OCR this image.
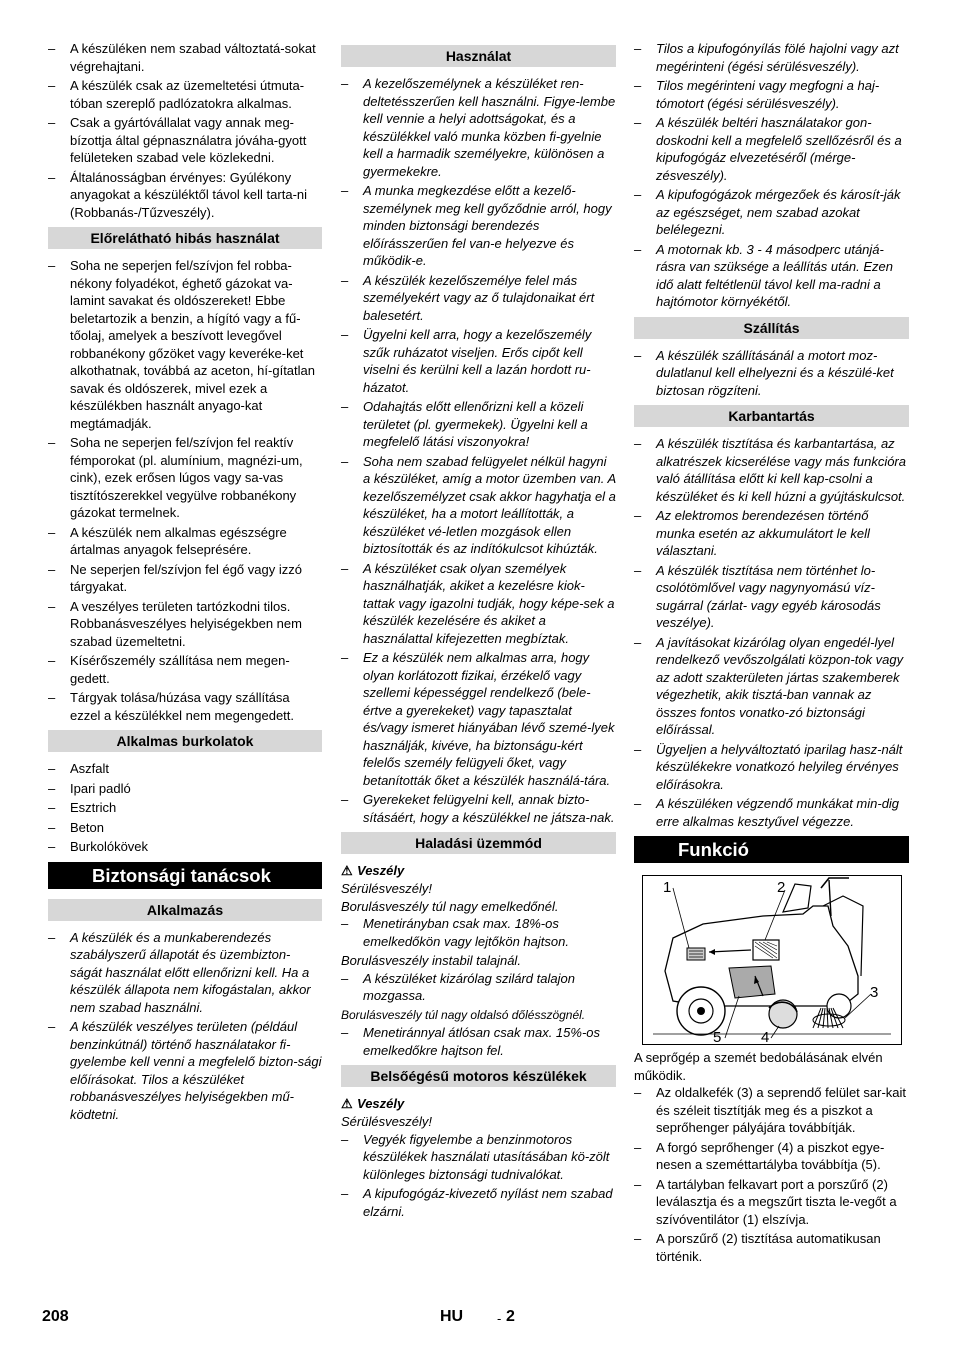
– A készüléken nem szabad változtatá-sokat végrehajtani.
– A készülék csak az üzemeltetési útmuta-tóban szereplő padlózatokra alkalmas.
– Csak a gyártóvállalat vagy annak meg-bízottja által gépnasználatra jóváha-gyott felületeken szabad vele közlekedni.
– Általánosságban érvényes: Gyúlékony anyagokat a készüléktől távol kell tarta-ni (Robbanás-/Tűzveszély).
Előrelátható hibás használat
– Soha ne seperjen fel/szívjon fel robba-nékony folyadékot, éghető gázokat va-lamint savakat és oldószereket! Ebbe beletartozik a benzin, a hígító vagy a fű-tőolaj, amelyek a beszívott levegővel robbanékony gőzöket vagy keveréke-ket alkothatnak, továbbá az aceton, hí-gítatlan savak és oldószerek, mivel ezek a készülékben használt anyago-kat megtámadják.
– Soha ne seperjen fel/szívjon fel reaktív fémporokat (pl. alumínium, magnézi-um, cink), ezek erősen lúgos vagy sa-vas tisztítószerekkel vegyülve robbanékony gázokat termelnek.
– A készülék nem alkalmas egészségre ártalmas anyagok felseprésére.
– Ne seperjen fel/szívjon fel égő vagy izzó tárgyakat.
– A veszélyes területen tartózkodni tilos. Robbanásveszélyes helyiségekben nem szabad üzemeltetni.
– Kísérőszemély szállítása nem megen-gedett.
– Tárgyak tolása/húzása vagy szállítása ezzel a készülékkel nem megengedett.
Alkalmas burkolatok
– Aszfalt
– Ipari padló
– Esztrich
– Beton
– Burkolókövek
Biztonsági tanácsok
Alkalmazás
– A készülék és a munkaberendezés szabályszerű állapotát és üzembizton-ságát használat előtt ellenőrizni kell. Ha a készülék állapota nem kifogástalan, akkor nem szabad használni.
– A készülék veszélyes területen (például benzinkútnál) történő használatakor fi-gyelembe kell venni a megfelelő bizton-sági előírásokat. Tilos a készüléket robbanásveszélyes helyiségekben mű-ködtetni.
Használat
– A kezelőszemélynek a készüléket ren-deltetésszerűen kell használni. Figye-lembe kell vennie a helyi adottságokat, és a készülékkel való munka közben fi-gyelnie kell a harmadik személyekre, különösen a gyermekekre.
– A munka megkezdése előtt a kezelő-személynek meg kell győződnie arról, hogy minden biztonsági berendezés előírásszerűen fel van-e helyezve és működik-e.
– A készülék kezelőszemélye felel más személyekért vagy az ő tulajdonaikat ért balesetért.
– Ügyelni kell arra, hogy a kezelőszemély szűk ruházatot viseljen. Erős cipőt kell viselni és kerülni kell a lazán hordott ru-házatot.
– Odahajtás előtt ellenőrizni kell a közeli területet (pl. gyermekek). Ügyelni kell a megfelelő látási viszonyokra!
– Soha nem szabad felügyelet nélkül hagyni a készüléket, amíg a motor üzemben van. A kezelőszemélyzet csak akkor hagyhatja el a készüléket, ha a motort leállították, a készüléket vé-letlen mozgások ellen biztosították és az indítókulcsot kihúzták.
– A készüléket csak olyan személyek használhatják, akiket a kezelésre kiok-tattak vagy igazolni tudják, hogy képe-sek a készülék kezelésére és akiket a használattal kifejezetten megbíztak.
– Ez a készülék nem alkalmas arra, hogy olyan korlátozott fizikai, érzékelő vagy szellemi képességgel rendelkező (bele-értve a gyerekeket) vagy tapasztalat és/vagy ismeret hiányában lévő szemé-lyek használják, kivéve, ha biztonságu-kért felelős személy felügyeli őket, vagy betanították őket a készülék használá-tára.
– Gyerekeket felügyelni kell, annak bizto-sításáért, hogy a készülékkel ne játsza-nak.
Haladási üzemmód
⚠ Veszély
Sérülésveszély!
Borulásveszély túl nagy emelkedőnél.
– Menetirányban csak max. 18%-os emelkedőkön vagy lejtőkön hajtson.
Borulásveszély instabil talajnál.
– A készüléket kizárólag szilárd talajon mozgassa.
Borulásveszély túl nagy oldalsó dőlésszögnél.
– Menetiránnyal átlósan csak max. 15%-os emelkedőkre hajtson fel.
Belsőégésű motoros készülékek
⚠ Veszély
Sérülésveszély!
– Vegyék figyelembe a benzinmotoros készülékek használati utasításában kö-zölt különleges biztonsági tudnivalókat.
– A kipufogógáz-kivezető nyílást nem szabad elzárni.
– Tilos a kipufogónyílás fölé hajolni vagy azt megérinteni (égési sérülésveszély).
– Tilos megérinteni vagy megfogni a haj-tómotort (égési sérülésveszély).
– A készülék beltéri használatakor gon-doskodni kell a megfelelő szellőzésről és a kipufogógáz elvezetéséről (mérge-zésveszély).
– A kipufogógázok mérgezőek és károsít-ják az egészséget, nem szabad azokat belélegezni.
– A motornak kb. 3 - 4 másodperc utánjá-rásra van szüksége a leállítás után. Ezen idő alatt feltétlenül távol kell ma-radni a hajtómotor környékétől.
Szállítás
– A készülék szállításánál a motort moz-dulatlanul kell elhelyezni és a készülé-ket biztosan rögzíteni.
Karbantartás
– A készülék tisztítása és karbantartása, az alkatrészek kicserélése vagy más funkcióra való átállítása előtt ki kell kap-csolni a készüléket és ki kell húzni a gyújtáskulcsot.
– Az elektromos berendezésen történő munka esetén az akkumulátort le kell választani.
– A készülék tisztítása nem történhet lo-csolótömlővel vagy nagynyomású víz-sugárral (zárlat- vagy egyéb károsodás veszélye).
– A javításokat kizárólag olyan engedél-lyel rendelkező vevőszolgálati közpon-tok vagy az adott szakterületen jártas szakemberek végezhetik, akik tisztá-ban vannak az összes fontos vonatko-zó biztonsági előírással.
– Ügyeljen a helyváltoztató iparilag hasz-nált készülékekre vonatkozó helyileg érvényes előírásokra.
– A készüléken végzendő munkákat min-dig erre alkalmas kesztyűvel végezze.
Funkció
1	2
3
4
5
A seprőgép a szemét bedobálásának elvén működik.
– Az oldalkefék (3) a seprendő felület sar-kait és széleit tisztítják meg és a piszkot a seprőhenger pályájára továbbítják.
– A forgó seprőhenger (4) a piszkot egye-nesen a szeméttartályba továbbítja (5).
– A tartályban felkavart port a porszűrő (2) leválasztja és a megszűrt tiszta le-vegőt a szívóventilátor (1) elszívja.
– A porszűrő (2) tisztítása automatikusan történik.
208	HU	- 2
